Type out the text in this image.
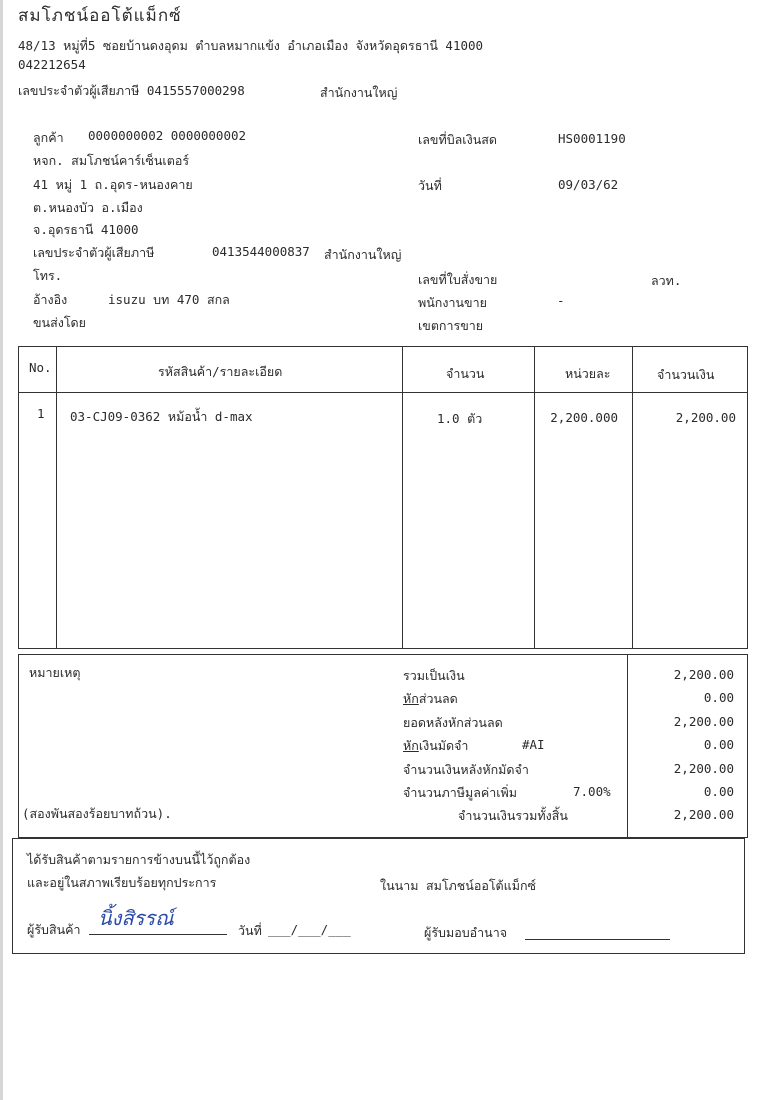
สมโภชน์ออโต้แม็กซ์
48/13 หมู่ที่5 ซอยบ้านดงอุดม ตำบลหมากแข้ง อำเภอเมือง จังหวัดอุดรธานี 41000
042212654
เลขประจำตัวผู้เสียภาษี 0415557000298	สำนักงานใหญ่
ลูกค้า 0000000002 0000000002
หจก. สมโภชน์คาร์เซ็นเตอร์
41 หมู่ 1 ถ.อุดร-หนองคาย
ต.หนองบัว อ.เมือง
จ.อุดรธานี 41000
เลขประจำตัวผู้เสียภาษี	0413544000837 สำนักงานใหญ่
โทร.
อ้างอิง	isuzu บท 470 สกล
ขนส่งโดย
เลขที่บิลเงินสด	HS0001190
วันที่	09/03/62
เลขที่ใบสั่งขาย	ลวท.
พนักงานขาย	-
เขตการขาย
No.	รหัสสินค้า/รายละเอียด	จำนวน	หน่วยละ	จำนวนเงิน
1 03-CJ09-0362 หม้อน้ำ d-max	1.0 ตัว	2,200.000	2,200.00
หมายเหตุ
(สองพันสองร้อยบาทถ้วน).
รวมเป็นเงิน	2,200.00
หักส่วนลด	0.00
ยอดหลังหักส่วนลด	2,200.00
หักเงินมัดจำ	#AI	0.00
จำนวนเงินหลังหักมัดจำ	2,200.00
จำนวนภาษีมูลค่าเพิ่ม	7.00%	0.00
จำนวนเงินรวมทั้งสิ้น	2,200.00
ได้รับสินค้าตามรายการข้างบนนี้ไว้ถูกต้อง
และอยู่ในสภาพเรียบร้อยทุกประการ	ในนาม สมโภชน์ออโต้แม็กซ์
ผู้รับสินค้า นิ้งสิรรณ์
วันที่ ___/___/___	ผู้รับมอบอำนาจ
